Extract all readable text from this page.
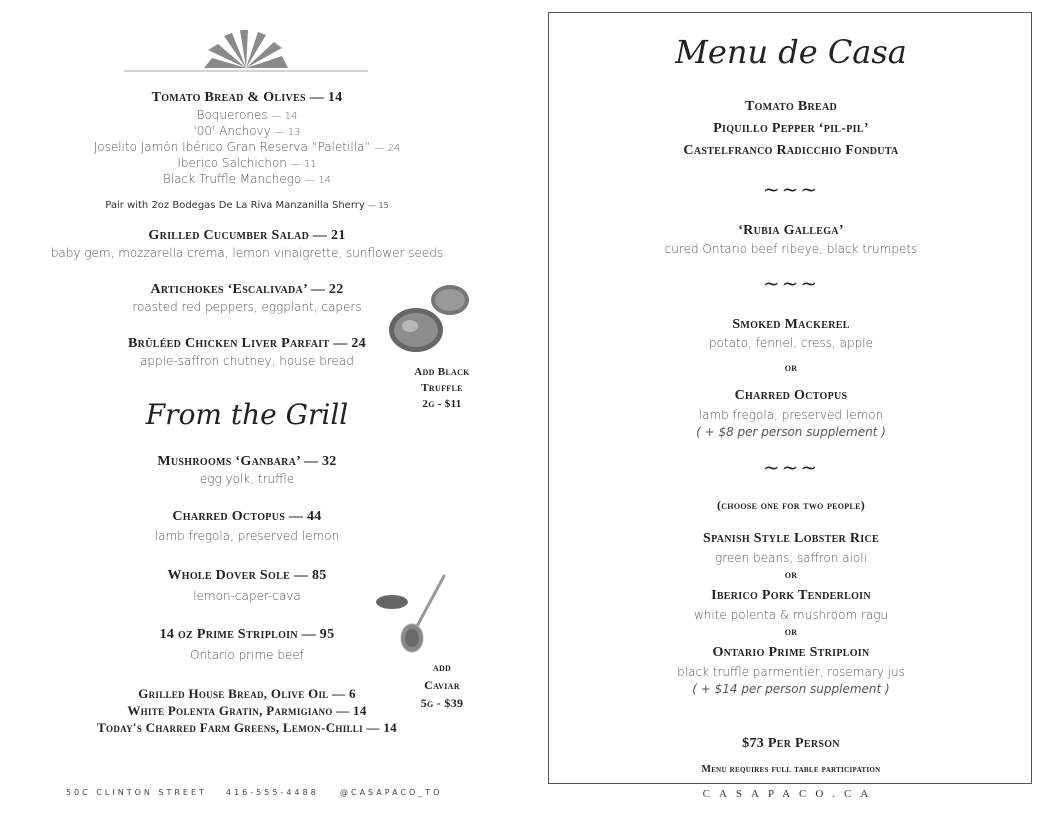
Tomato Bread & Olives — 14
Boquerones — 14
'00' Anchovy — 13
Joselito Jamón Ibérico Gran Reserva “Paletilla” — 24
Iberico Salchichon — 11
Black Truffle Manchego — 14
Pair with 2oz Bodegas De La Riva Manzanilla Sherry — 15
Grilled Cucumber Salad — 21
baby gem, mozzarella crema, lemon vinaigrette, sunflower seeds
Artichokes ‘Escalivada’ — 22
roasted red peppers, eggplant, capers
Brûléed Chicken Liver Parfait — 24
apple-saffron chutney, house bread
Add Black
Truffle
2g - $11
From the Grill
Mushrooms ‘Ganbara’ — 32
egg yolk, truffle
Charred Octopus — 44
lamb fregola, preserved lemon
Whole Dover Sole — 85
lemon-caper-cava
14 oz Prime Striploin — 95
Ontario prime beef
add
Caviar
5g - $39
Grilled House Bread, Olive Oil — 6
White Polenta Gratin, Parmigiano — 14
Today's Charred Farm Greens, Lemon-Chilli — 14
50C CLINTON STREET 416-555-4488	@CASAPACO_TO
Menu de Casa
Tomato Bread
Piquillo Pepper ‘pil-pil’
Castelfranco Radicchio Fonduta
~~~
‘Rubia Gallega’
cured Ontario beef ribeye, black trumpets
~~~
Smoked Mackerel
potato, fennel, cress, apple
or
Charred Octopus
lamb fregola, preserved lemon
( + $8 per person supplement )
~~~
(choose one for two people)
Spanish Style Lobster Rice
green beans, saffron aioli
or
Iberico Pork Tenderloin
white polenta & mushroom ragu
or
Ontario Prime Striploin
black truffle parmentier, rosemary jus
( + $14 per person supplement )
$73 Per Person
Menu requires full table participation
CASAPACO.CA
